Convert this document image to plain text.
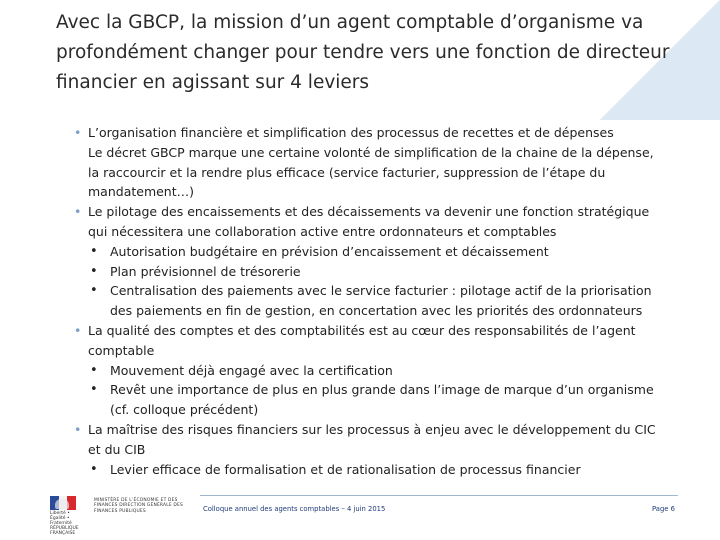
Avec la GBCP, la mission d’un agent comptable d’organisme va profondément changer pour tendre vers une fonction de directeur financier en agissant sur 4 leviers
• L’organisation financière et simplification des processus de recettes et de dépenses
Le décret GBCP marque une certaine volonté de simplification de la chaine de la dépense, la raccourcir et la rendre plus efficace (service facturier, suppression de l’étape du mandatement…)
• Le pilotage des encaissements et des décaissements va devenir une fonction stratégique qui nécessitera une collaboration active entre ordonnateurs et comptables
• Autorisation budgétaire en prévision d’encaissement et décaissement
• Plan prévisionnel de trésorerie
• Centralisation des paiements avec le service facturier : pilotage actif de la priorisation des paiements en fin de gestion, en concertation avec les priorités des ordonnateurs
• La qualité des comptes et des comptabilités est au cœur des responsabilités de l’agent comptable
• Mouvement déjà engagé avec la certification
• Revêt une importance de plus en plus grande dans l’image de marque d’un organisme (cf. colloque précédent)
• La maîtrise des risques financiers sur les processus à enjeu avec le développement du CIC et du CIB
• Levier efficace de formalisation et de rationalisation de processus financier
Liberté • Égalité • Fraternité RÉPUBLIQUE FRANÇAISE
MINISTÈRE DE L’ÉCONOMIE ET DES FINANCES DIRECTION GÉNÉRALE DES FINANCES PUBLIQUES	Colloque annuel des agents comptables – 4 juin 2015	Page 6
